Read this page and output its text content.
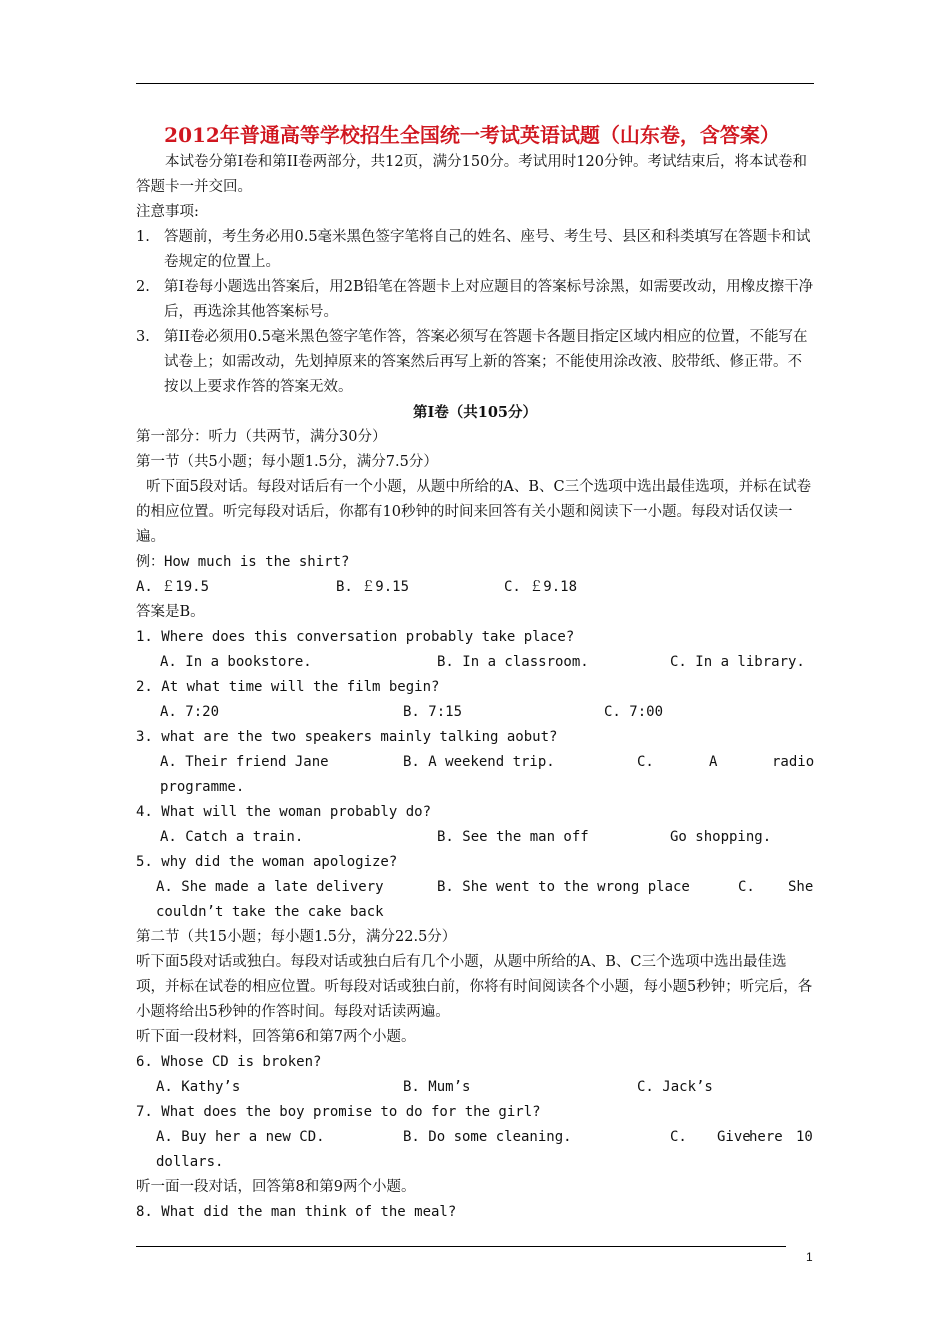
2012年普通高等学校招生全国统一考试英语试题（山东卷，含答案）

本试卷分第I卷和第II卷两部分，共12页，满分150分。考试用时120分钟。考试结束后，将本试卷和答题卡一并交回。

注意事项:

1. 答题前，考生务必用0.5毫米黑色签字笔将自己的姓名、座号、考生号、县区和科类填写在答题卡和试卷规定的位置上。
2. 第I卷每小题选出答案后，用2B铅笔在答题卡上对应题目的答案标号涂黑，如需要改动，用橡皮擦干净后，再选涂其他答案标号。
3. 第II卷必须用0.5毫米黑色签字笔作答，答案必须写在答题卡各题目指定区域内相应的位置，不能写在试卷上；如需改动，先划掉原来的答案然后再写上新的答案；不能使用涂改液、胶带纸、修正带。不按以上要求作答的答案无效。
第I卷（共105分）

第一部分：听力（共两节，满分30分）

第一节（共5小题；每小题1.5分，满分7.5分）

听下面5段对话。每段对话后有一个小题，从题中所给的A、B、C三个选项中选出最佳选项，并标在试卷的相应位置。听完每段对话后，你都有10秒钟的时间来回答有关小题和阅读下一小题。每段对话仅读一遍。

例：How much is the shirt?

A. ￡19.5	B. ￡9.15	C. ￡9.18

答案是B。

1. Where does this conversation probably take place?

A. In a bookstore.	B. In a classroom.	C. In a library.

2. At what time will the film begin?

A. 7:20	B. 7:15	C. 7:00

3. what are the two speakers mainly talking aobut?

A. Their friend Jane	B. A weekend trip.	C.	A	radio
programme.

4. What will the woman probably do?

A. Catch a train.	B. See the man off	Go shopping.

5. why did the woman apologize?

A. She made a late delivery	B. She went to the wrong place	C. She
couldn’t take the cake back

第二节（共15小题；每小题1.5分，满分22.5分）

听下面5段对话或独白。每段对话或独白后有几个小题，从题中所给的A、B、C三个选项中选出最佳选项，并标在试卷的相应位置。听每段对话或独白前，你将有时间阅读各个小题，每小题5秒钟；听完后，各小题将给出5秒钟的作答时间。每段对话读两遍。

听下面一段材料，回答第6和第7两个小题。

6. Whose CD is broken?

A. Kathy’s	B. Mum’s	C. Jack’s

7. What does the boy promise to do for the girl?

A. Buy her a new CD.	B. Do some cleaning.	C. Give
here 10
dollars.

听一面一段对话，回答第8和第9两个小题。

8. What did the man think of the meal?

1
